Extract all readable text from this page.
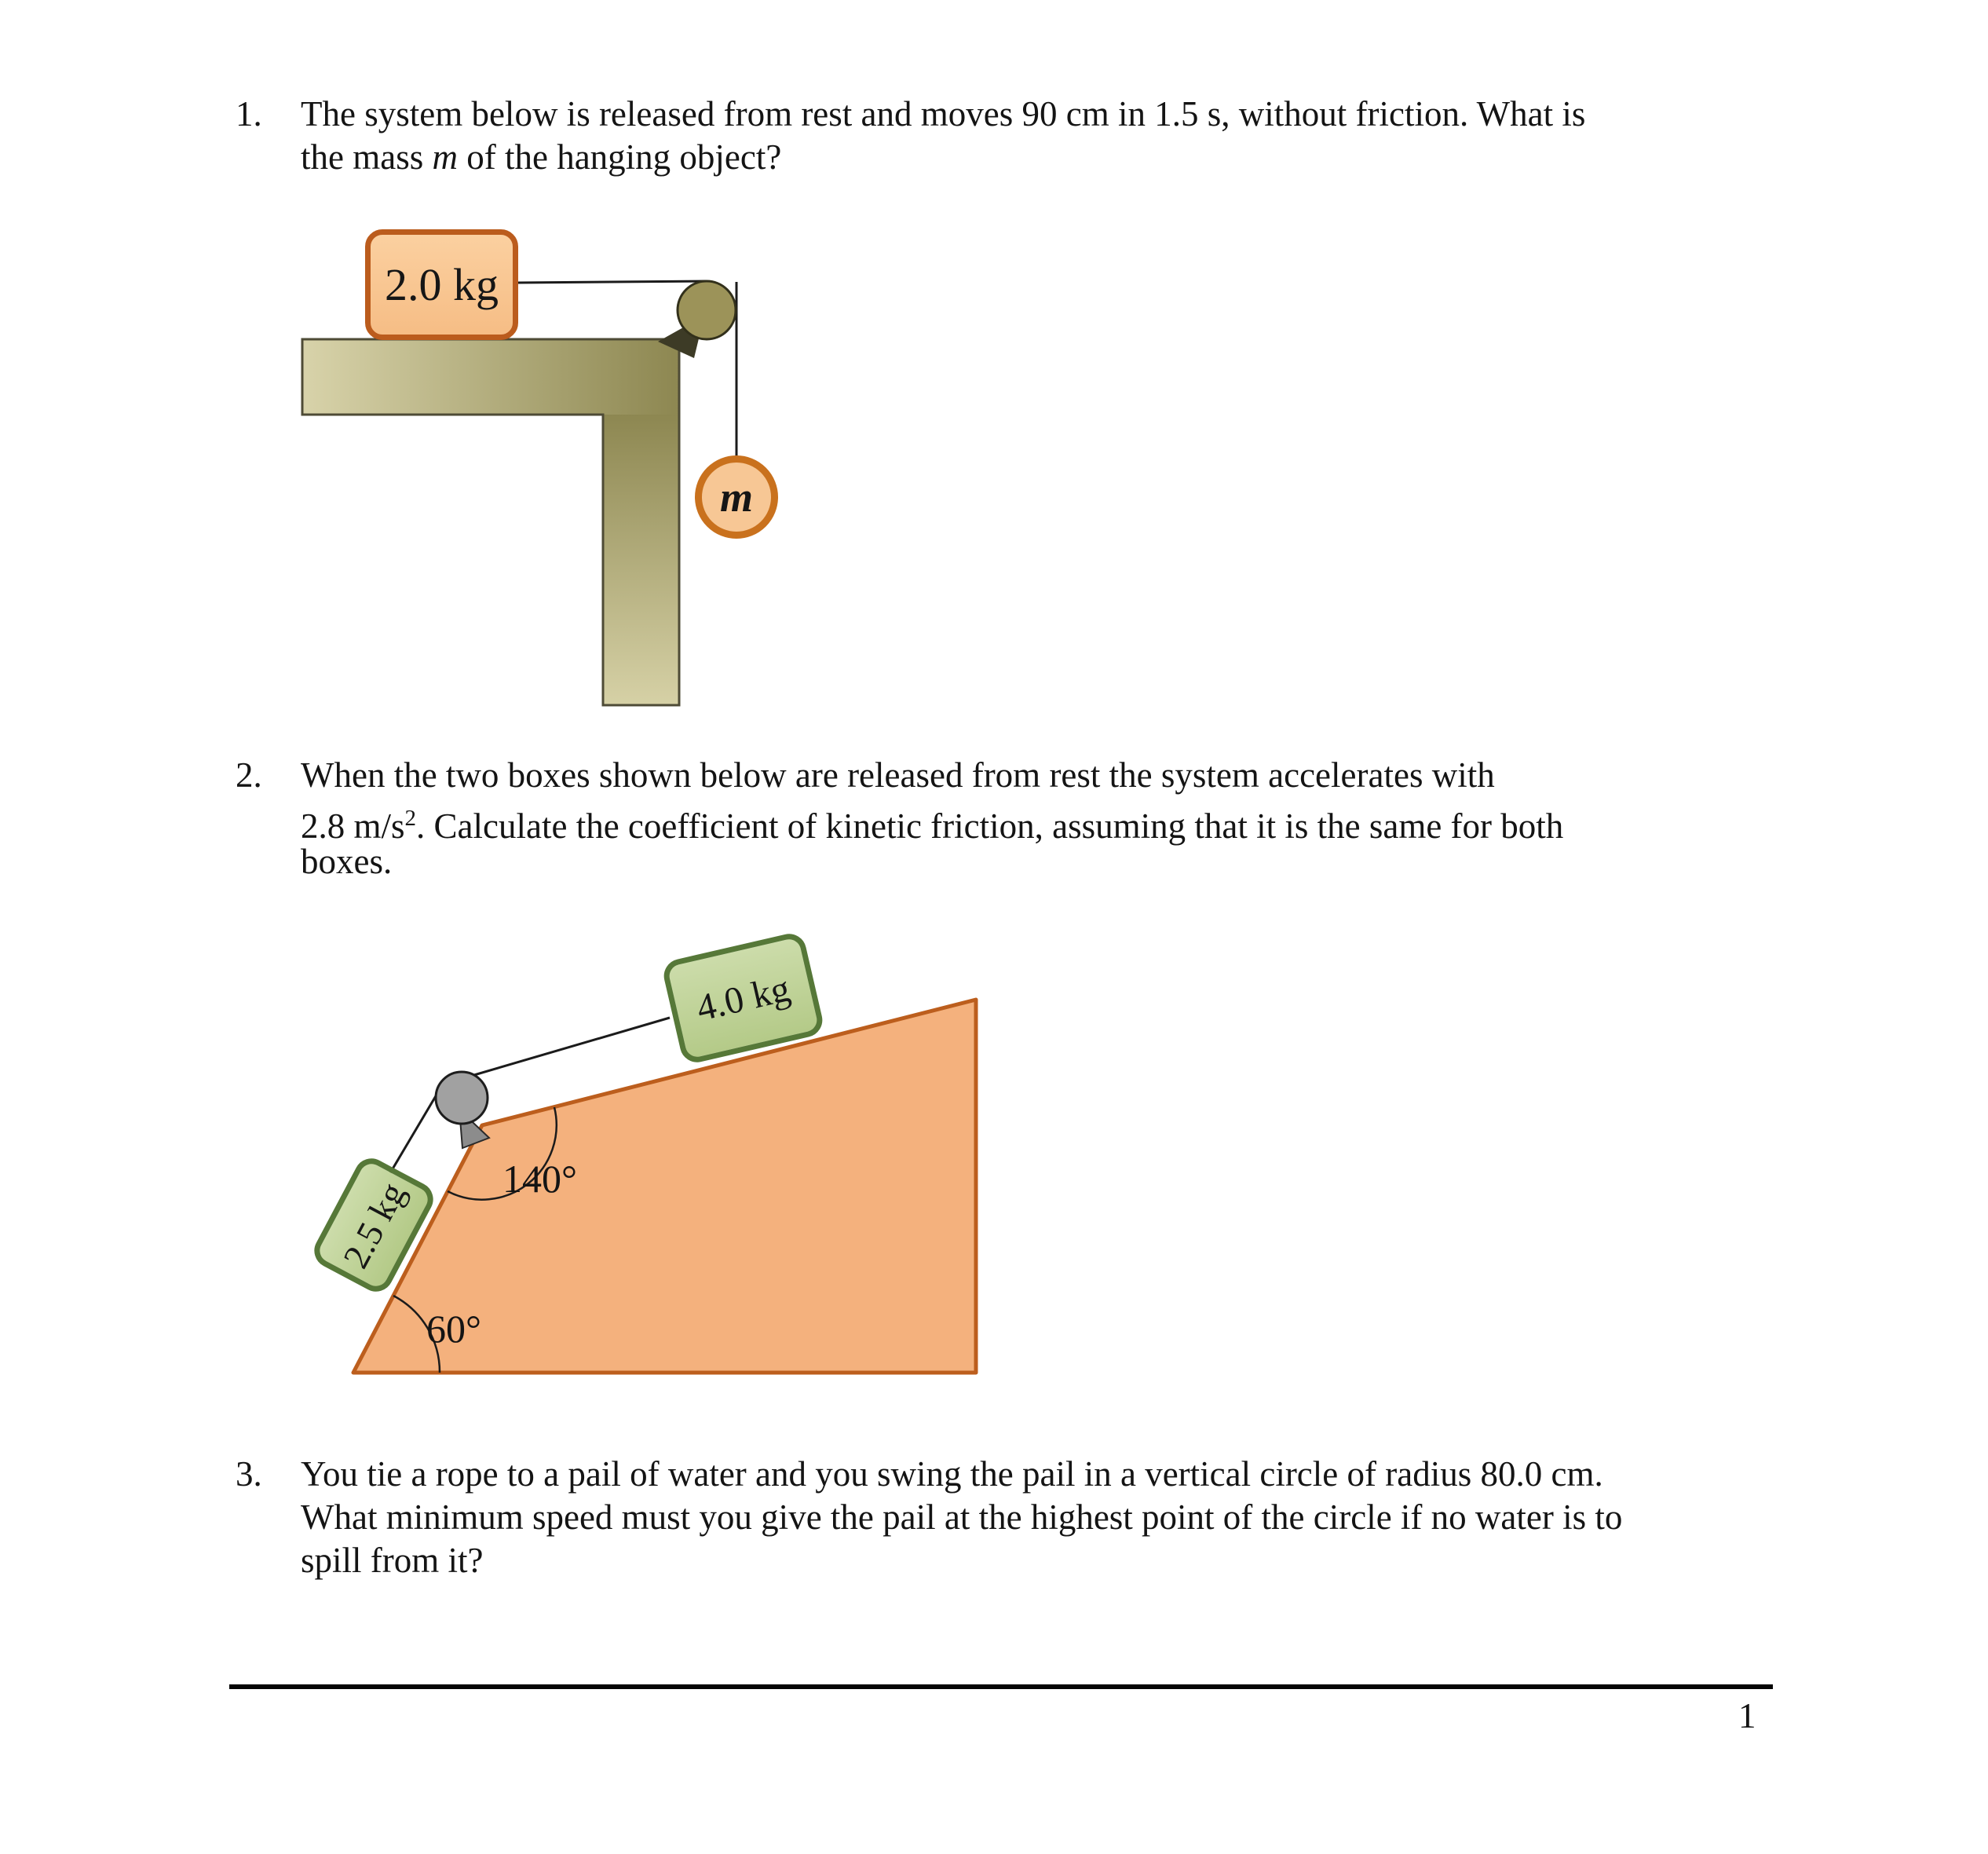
1. The system below is released from rest and moves 90 cm in 1.5 s, without friction. What is
the mass m of the hanging object?
2.0 kg
m
2. When the two boxes shown below are released from rest the system accelerates with
2.8 $m/s^2$. Calculate the coefficient of kinetic friction, assuming that it is the same for both
boxes.
4.0 kg
2.5 kg 140°
60°
3. You tie a rope to a pail of water and you swing the pail in a vertical circle of radius 80.0 cm.
What minimum speed must you give the pail at the highest point of the circle if no water is to
spill from it?
1
